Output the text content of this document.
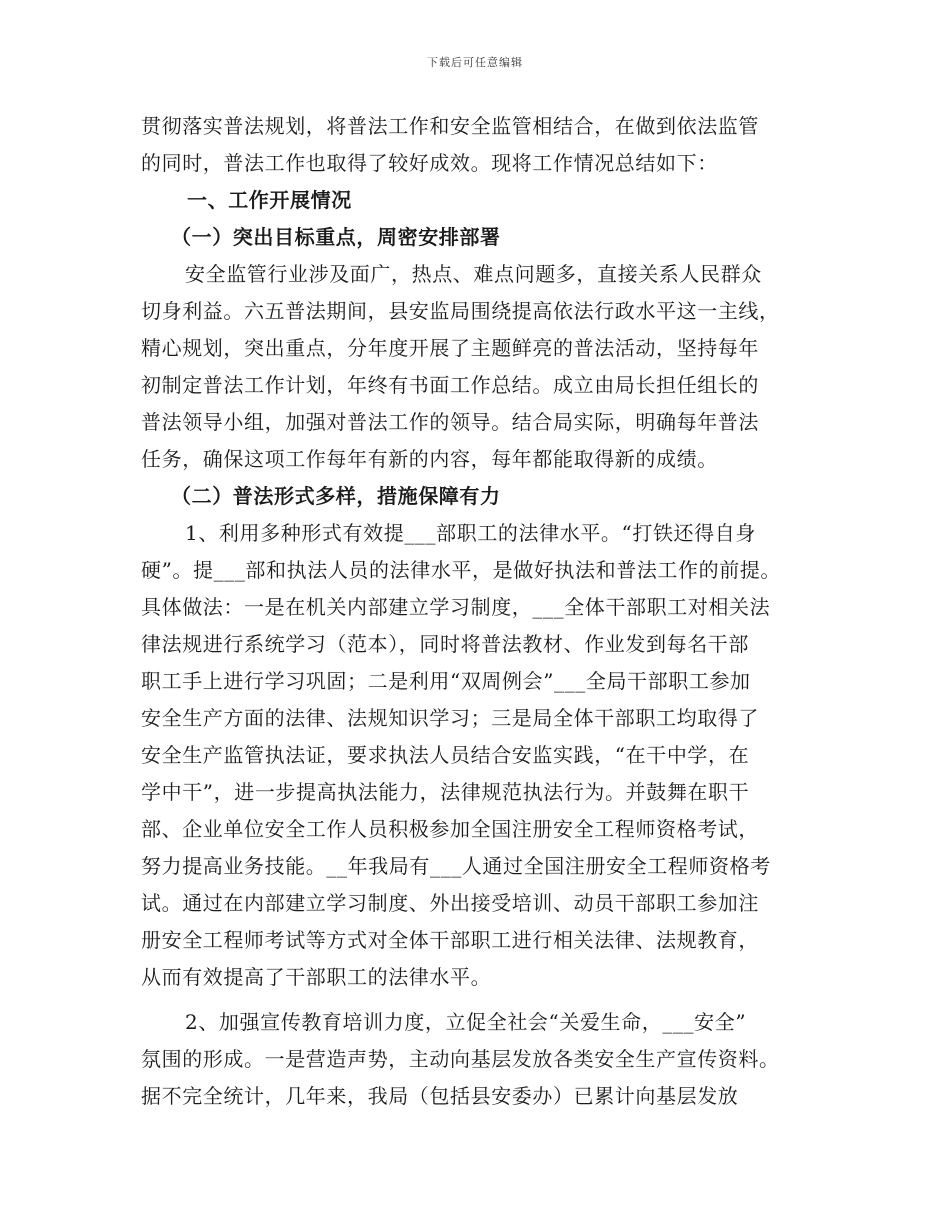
下载后可任意编辑
贯彻落实普法规划，将普法工作和安全监管相结合，在做到依法监管
的同时，普法工作也取得了较好成效。现将工作情况总结如下：
一、工作开展情况
（一）突出目标重点，周密安排部署
安全监管行业涉及面广，热点、难点问题多，直接关系人民群众
切身利益。六五普法期间，县安监局围绕提高依法行政水平这一主线，
精心规划，突出重点，分年度开展了主题鲜亮的普法活动，坚持每年
初制定普法工作计划，年终有书面工作总结。成立由局长担任组长的
普法领导小组，加强对普法工作的领导。结合局实际，明确每年普法
任务，确保这项工作每年有新的内容，每年都能取得新的成绩。
（二）普法形式多样，措施保障有力
1、利用多种形式有效提___部职工的法律水平。“打铁还得自身
硬”。提___部和执法人员的法律水平，是做好执法和普法工作的前提。
具体做法：一是在机关内部建立学习制度，___全体干部职工对相关法
律法规进行系统学习（范本），同时将普法教材、作业发到每名干部
职工手上进行学习巩固；二是利用“双周例会”___全局干部职工参加
安全生产方面的法律、法规知识学习；三是局全体干部职工均取得了
安全生产监管执法证，要求执法人员结合安监实践，“在干中学，在
学中干”，进一步提高执法能力，法律规范执法行为。并鼓舞在职干
部、企业单位安全工作人员积极参加全国注册安全工程师资格考试，
努力提高业务技能。__年我局有___人通过全国注册安全工程师资格考
试。通过在内部建立学习制度、外出接受培训、动员干部职工参加注
册安全工程师考试等方式对全体干部职工进行相关法律、法规教育，
从而有效提高了干部职工的法律水平。
2、加强宣传教育培训力度，立促全社会“关爱生命，___安全”
氛围的形成。一是营造声势，主动向基层发放各类安全生产宣传资料。
据不完全统计，几年来，我局（包括县安委办）已累计向基层发放
